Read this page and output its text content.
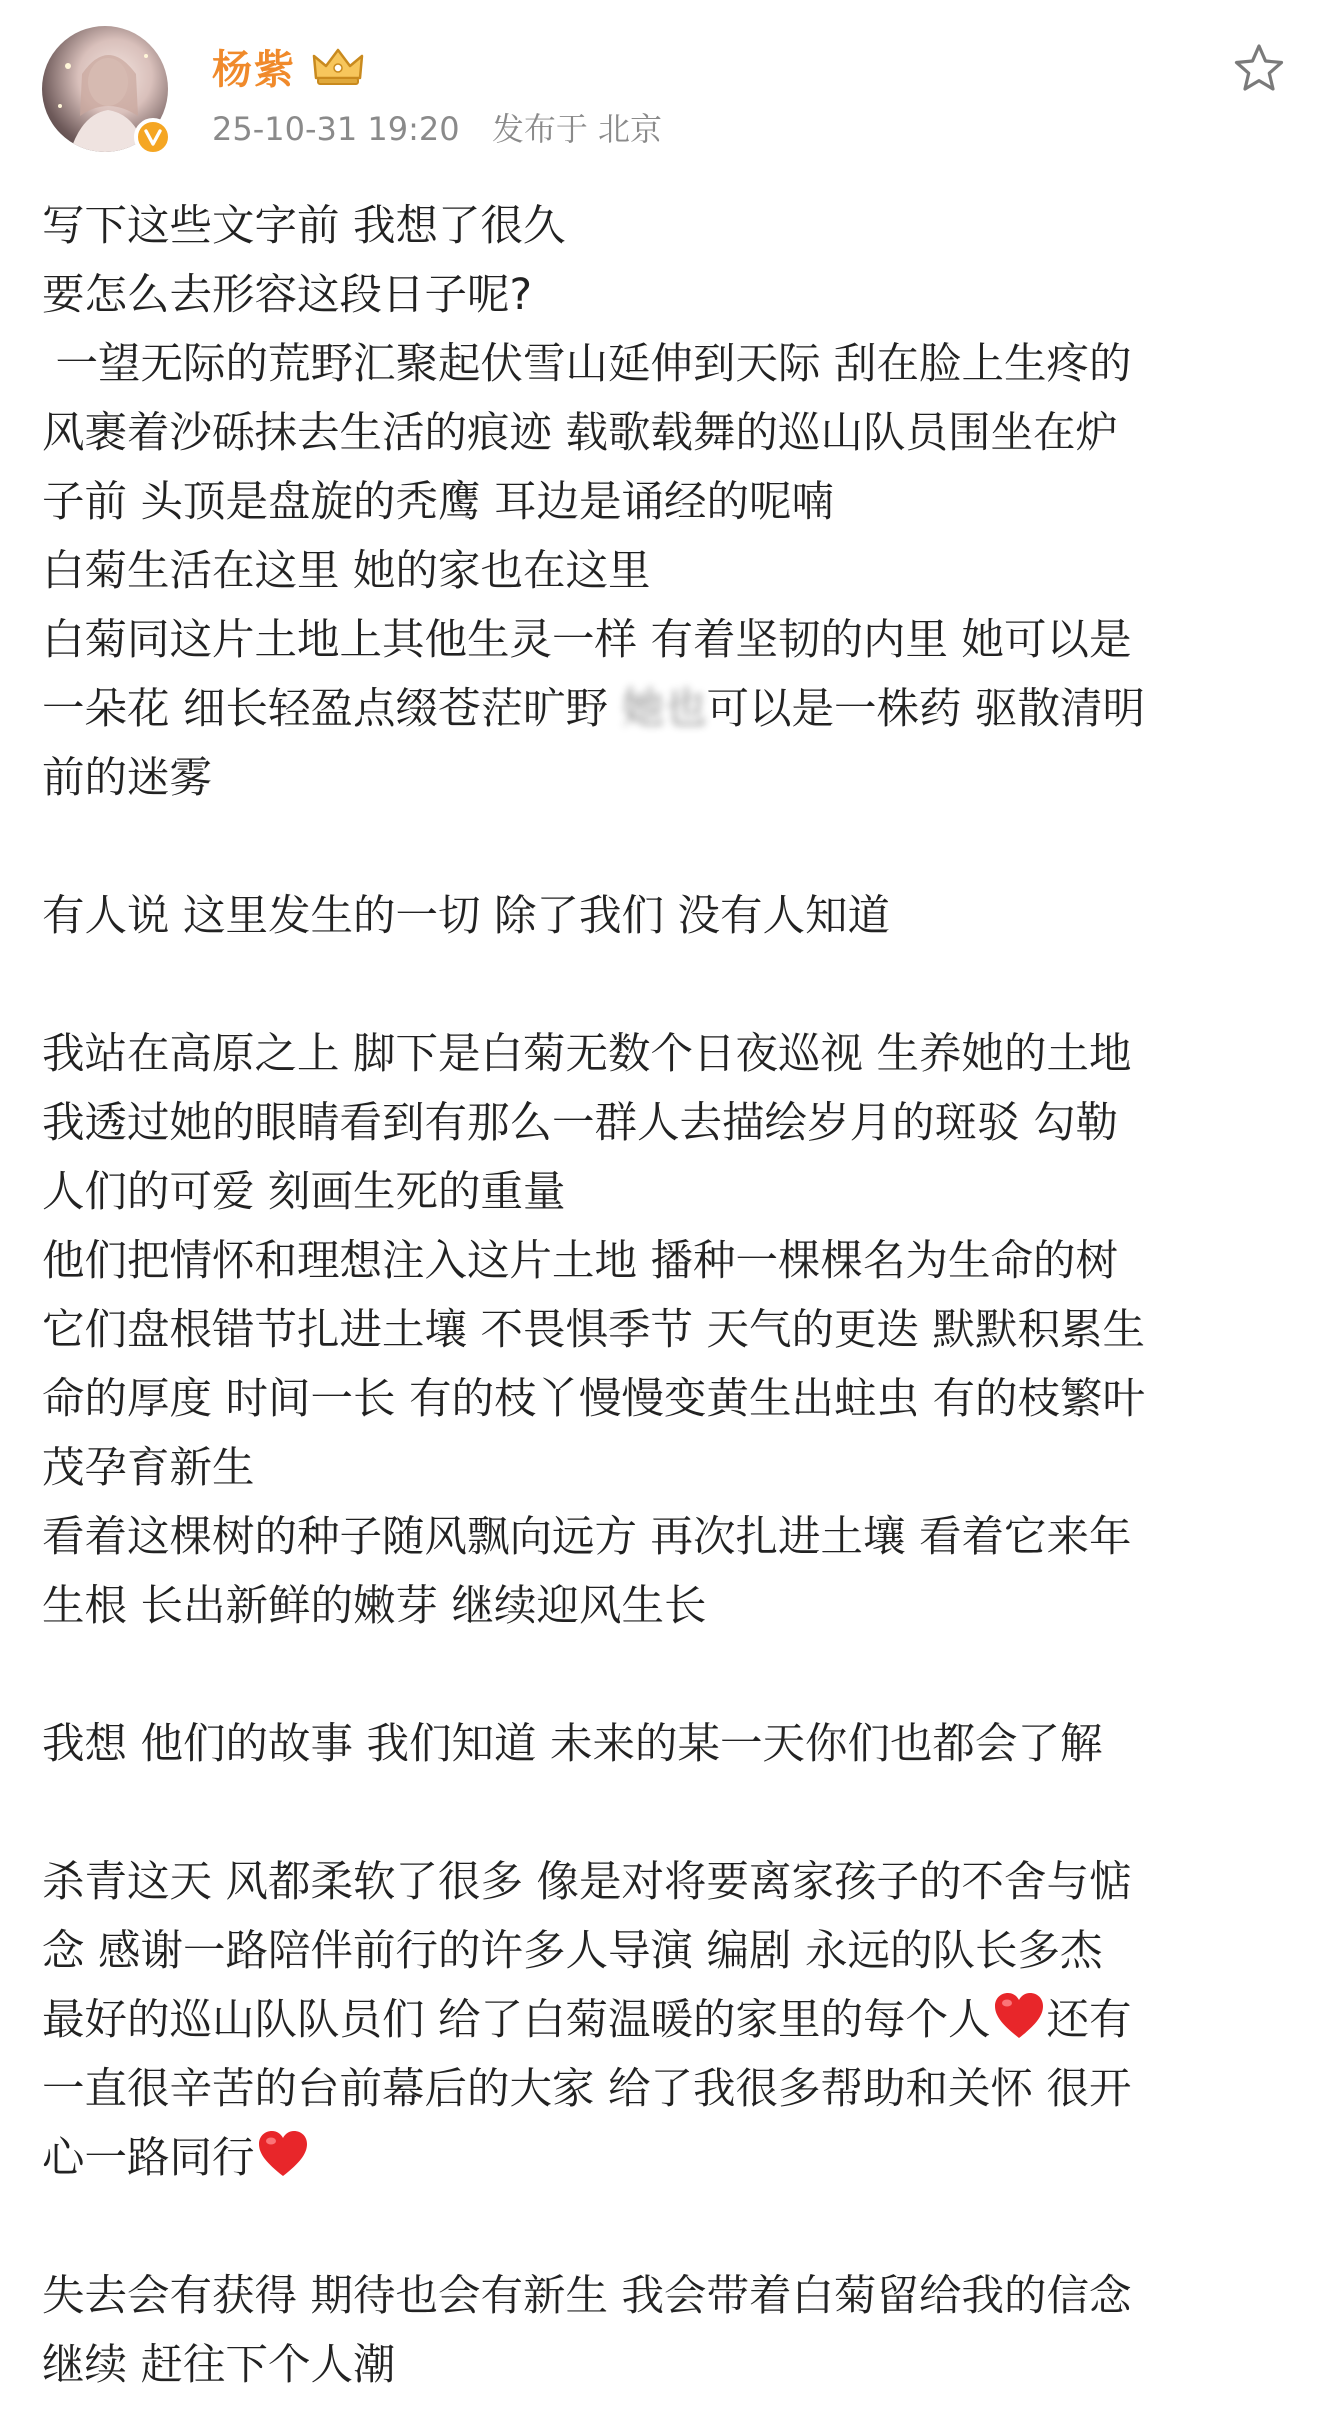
杨紫
25-10-31 19:20 发布于 北京

写下这些文字前 我想了很久

要怎么去形容这段日子呢?

一望无际的荒野汇聚起伏雪山延伸到天际 刮在脸上生疼的

风裹着沙砾抹去生活的痕迹 载歌载舞的巡山队员围坐在炉

子前 头顶是盘旋的秃鹰 耳边是诵经的呢喃

白菊生活在这里 她的家也在这里

白菊同这片土地上其他生灵一样 有着坚韧的内里 她可以是

一朵花 细长轻盈点缀苍茫旷野 她也可以是一株药 驱散清明

前的迷雾

有人说 这里发生的一切 除了我们 没有人知道

我站在高原之上 脚下是白菊无数个日夜巡视 生养她的土地

我透过她的眼睛看到有那么一群人去描绘岁月的斑驳 勾勒

人们的可爱 刻画生死的重量

他们把情怀和理想注入这片土地 播种一棵棵名为生命的树

它们盘根错节扎进土壤 不畏惧季节 天气的更迭 默默积累生

命的厚度 时间一长 有的枝丫慢慢变黄生出蛀虫 有的枝繁叶

茂孕育新生

看着这棵树的种子随风飘向远方 再次扎进土壤 看着它来年

生根 长出新鲜的嫩芽 继续迎风生长

我想 他们的故事 我们知道 未来的某一天你们也都会了解

杀青这天 风都柔软了很多 像是对将要离家孩子的不舍与惦

念 感谢一路陪伴前行的许多人导演 编剧 永远的队长多杰

最好的巡山队队员们 给了白菊温暖的家里的每个人 还有

一直很辛苦的台前幕后的大家 给了我很多帮助和关怀 很开

心一路同行

失去会有获得 期待也会有新生 我会带着白菊留给我的信念

继续 赶往下个人潮
